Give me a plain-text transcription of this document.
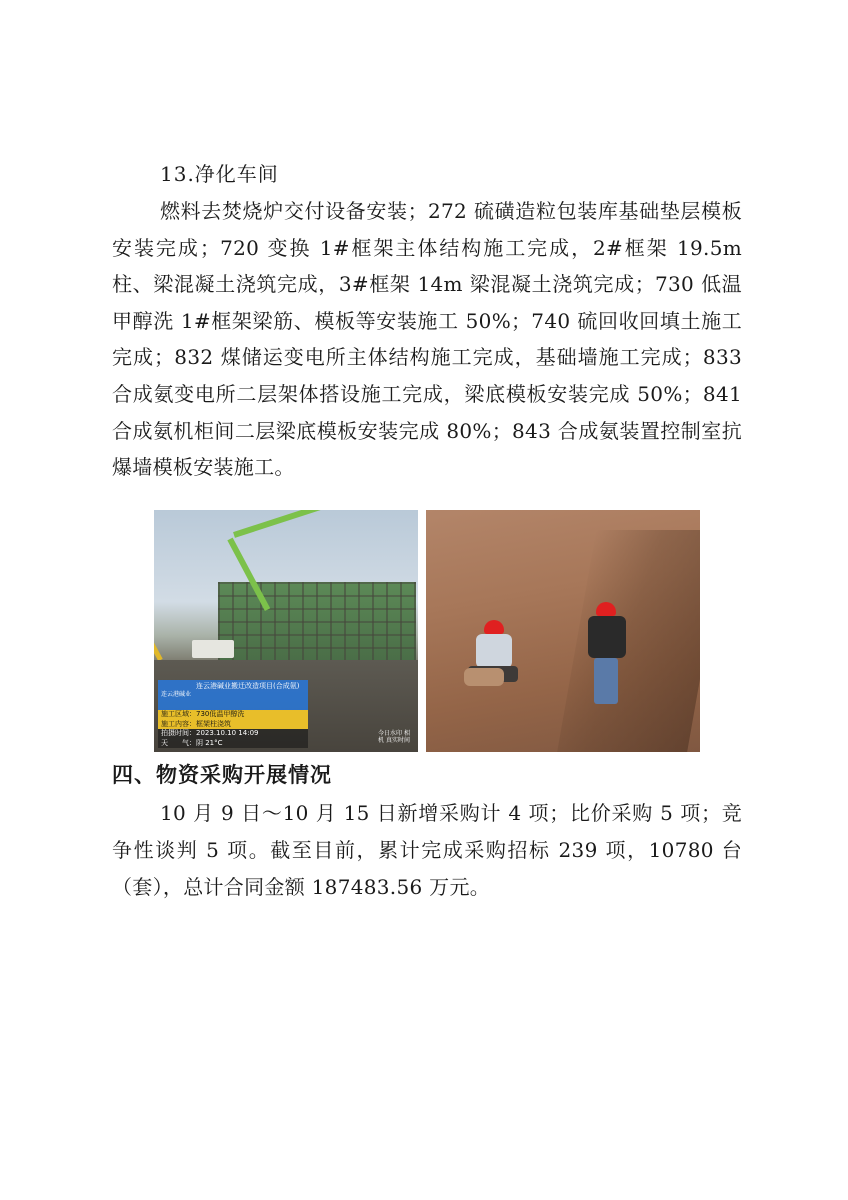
13.净化车间
燃料去焚烧炉交付设备安装；272 硫磺造粒包装库基础垫层模板安装完成；720 变换 1#框架主体结构施工完成，2#框架 19.5m 柱、梁混凝土浇筑完成，3#框架 14m 梁混凝土浇筑完成；730 低温甲醇洗 1#框架梁筋、模板等安装施工 50%；740 硫回收回填土施工完成；832 煤储运变电所主体结构施工完成，基础墙施工完成；833 合成氨变电所二层架体搭设施工完成，梁底模板安装完成 50%；841 合成氨机柜间二层梁底模板安装完成 80%；843 合成氨装置控制室抗爆墙模板安装施工。
连云港碱业
连云港碱业搬迁改造项目(合成氨)
施工区域：730低温甲醇洗
施工内容：框架柱浇筑
拍摄时间：2023.10.10 14:09
天　　气：阴 21°C
今日水印 相机 真实时间
四、物资采购开展情况
10 月 9 日～10 月 15 日新增采购计 4 项；比价采购 5 项；竞争性谈判 5 项。截至目前，累计完成采购招标 239 项，10780 台（套），总计合同金额 187483.56 万元。
